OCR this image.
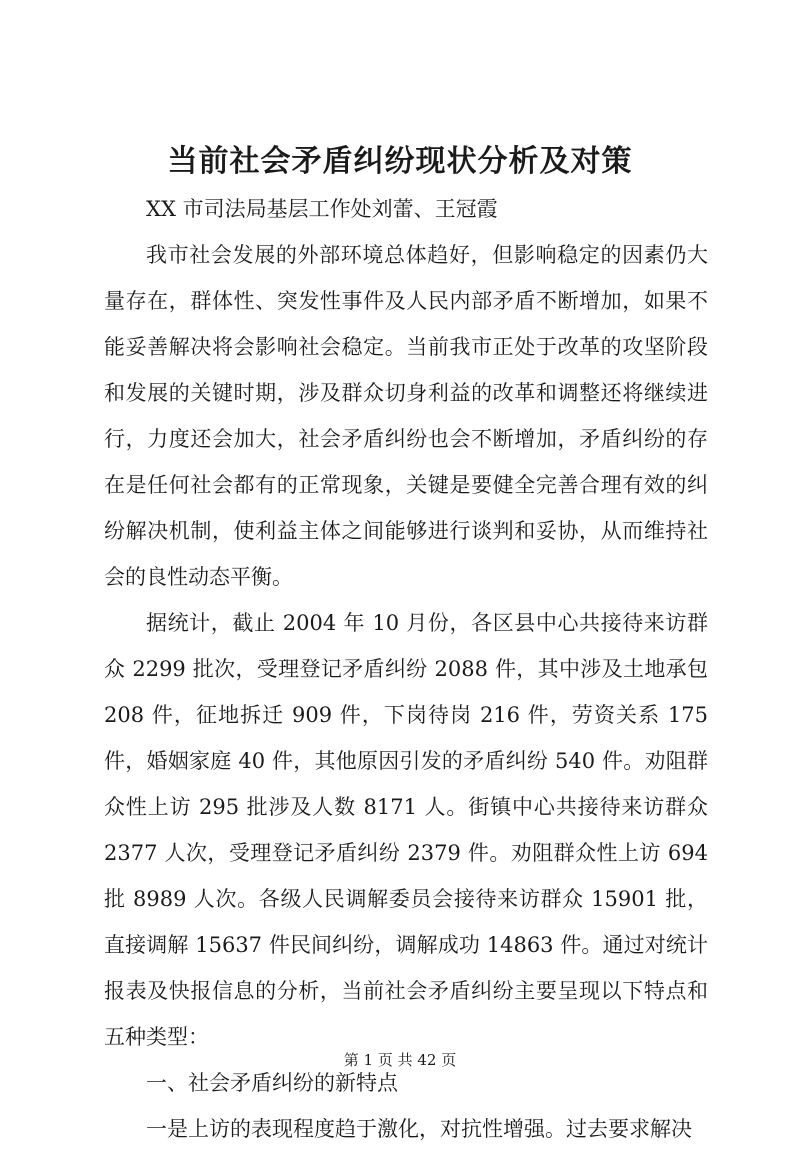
当前社会矛盾纠纷现状分析及对策

XX 市司法局基层工作处刘蕾、王冠霞

我市社会发展的外部环境总体趋好，但影响稳定的因素仍大量存在，群体性、突发性事件及人民内部矛盾不断增加，如果不能妥善解决将会影响社会稳定。当前我市正处于改革的攻坚阶段和发展的关键时期，涉及群众切身利益的改革和调整还将继续进行，力度还会加大，社会矛盾纠纷也会不断增加，矛盾纠纷的存在是任何社会都有的正常现象，关键是要健全完善合理有效的纠纷解决机制，使利益主体之间能够进行谈判和妥协，从而维持社会的良性动态平衡。

据统计，截止 2004 年 10 月份，各区县中心共接待来访群众 2299 批次，受理登记矛盾纠纷 2088 件，其中涉及土地承包 208 件，征地拆迁 909 件，下岗待岗 216 件，劳资关系 175 件，婚姻家庭 40 件，其他原因引发的矛盾纠纷 540 件。劝阻群众性上访 295 批涉及人数 8171 人。街镇中心共接待来访群众 2377 人次，受理登记矛盾纠纷 2379 件。劝阻群众性上访 694 批 8989 人次。各级人民调解委员会接待来访群众 15901 批，直接调解 15637 件民间纠纷，调解成功 14863 件。通过对统计报表及快报信息的分析，当前社会矛盾纠纷主要呈现以下特点和五种类型：

一、社会矛盾纠纷的新特点

一是上访的表现程度趋于激化，对抗性增强。过去要求解决

第 1 页 共 42 页
